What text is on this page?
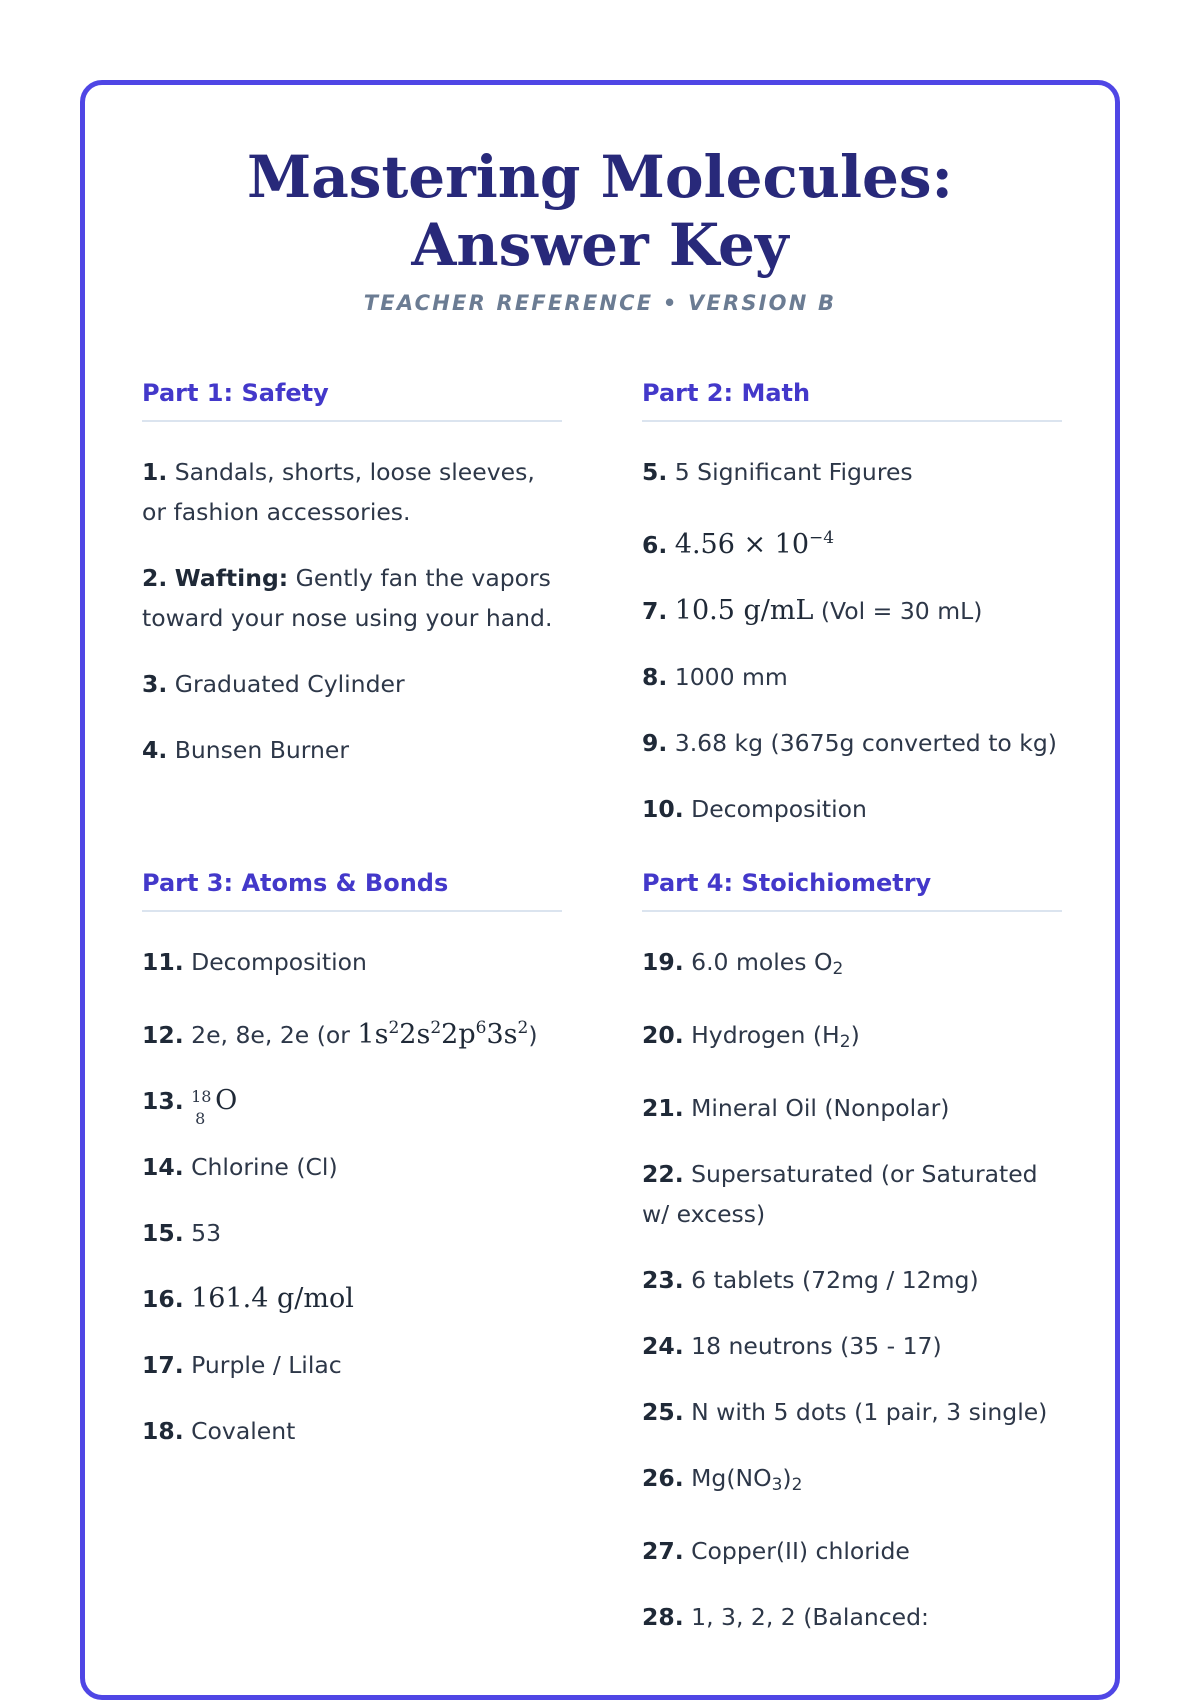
Mastering Molecules: Answer Key
TEACHER REFERENCE • VERSION B
Part 1: Safety
1. Sandals, shorts, loose sleeves, or fashion accessories.
2. Wafting: Gently fan the vapors toward your nose using your hand.
3. Graduated Cylinder
4. Bunsen Burner
Part 2: Math
5. 5 Significant Figures
6. $4.56 \times 10^{-4}$
7. 10.5 g/mL (Vol = 30 mL)
8. 1000 mm
9. 3.68 kg (3675g converted to kg)
10. Decomposition
Part 3: Atoms & Bonds
11. Decomposition
12. 2e, 8e, 2e (or $1s^22s^22p^63s^2$)
13. 18
8
O
14. Chlorine (Cl)
15. 53
16. 161.4 g/mol
17. Purple / Lilac
18. Covalent
Part 4: Stoichiometry
19. 6.0 moles $O_2$
20. Hydrogen $(H_2)$
21. Mineral Oil (Nonpolar)
22. Supersaturated (or Saturated w/ excess)
23. 6 tablets (72mg / 12mg)
24. 18 neutrons (35 - 17)
25. N with 5 dots (1 pair, 3 single)
26. $Mg(NO_3)_2$
27. Copper(II) chloride
28. 1, 3, 2, 2 (Balanced:
